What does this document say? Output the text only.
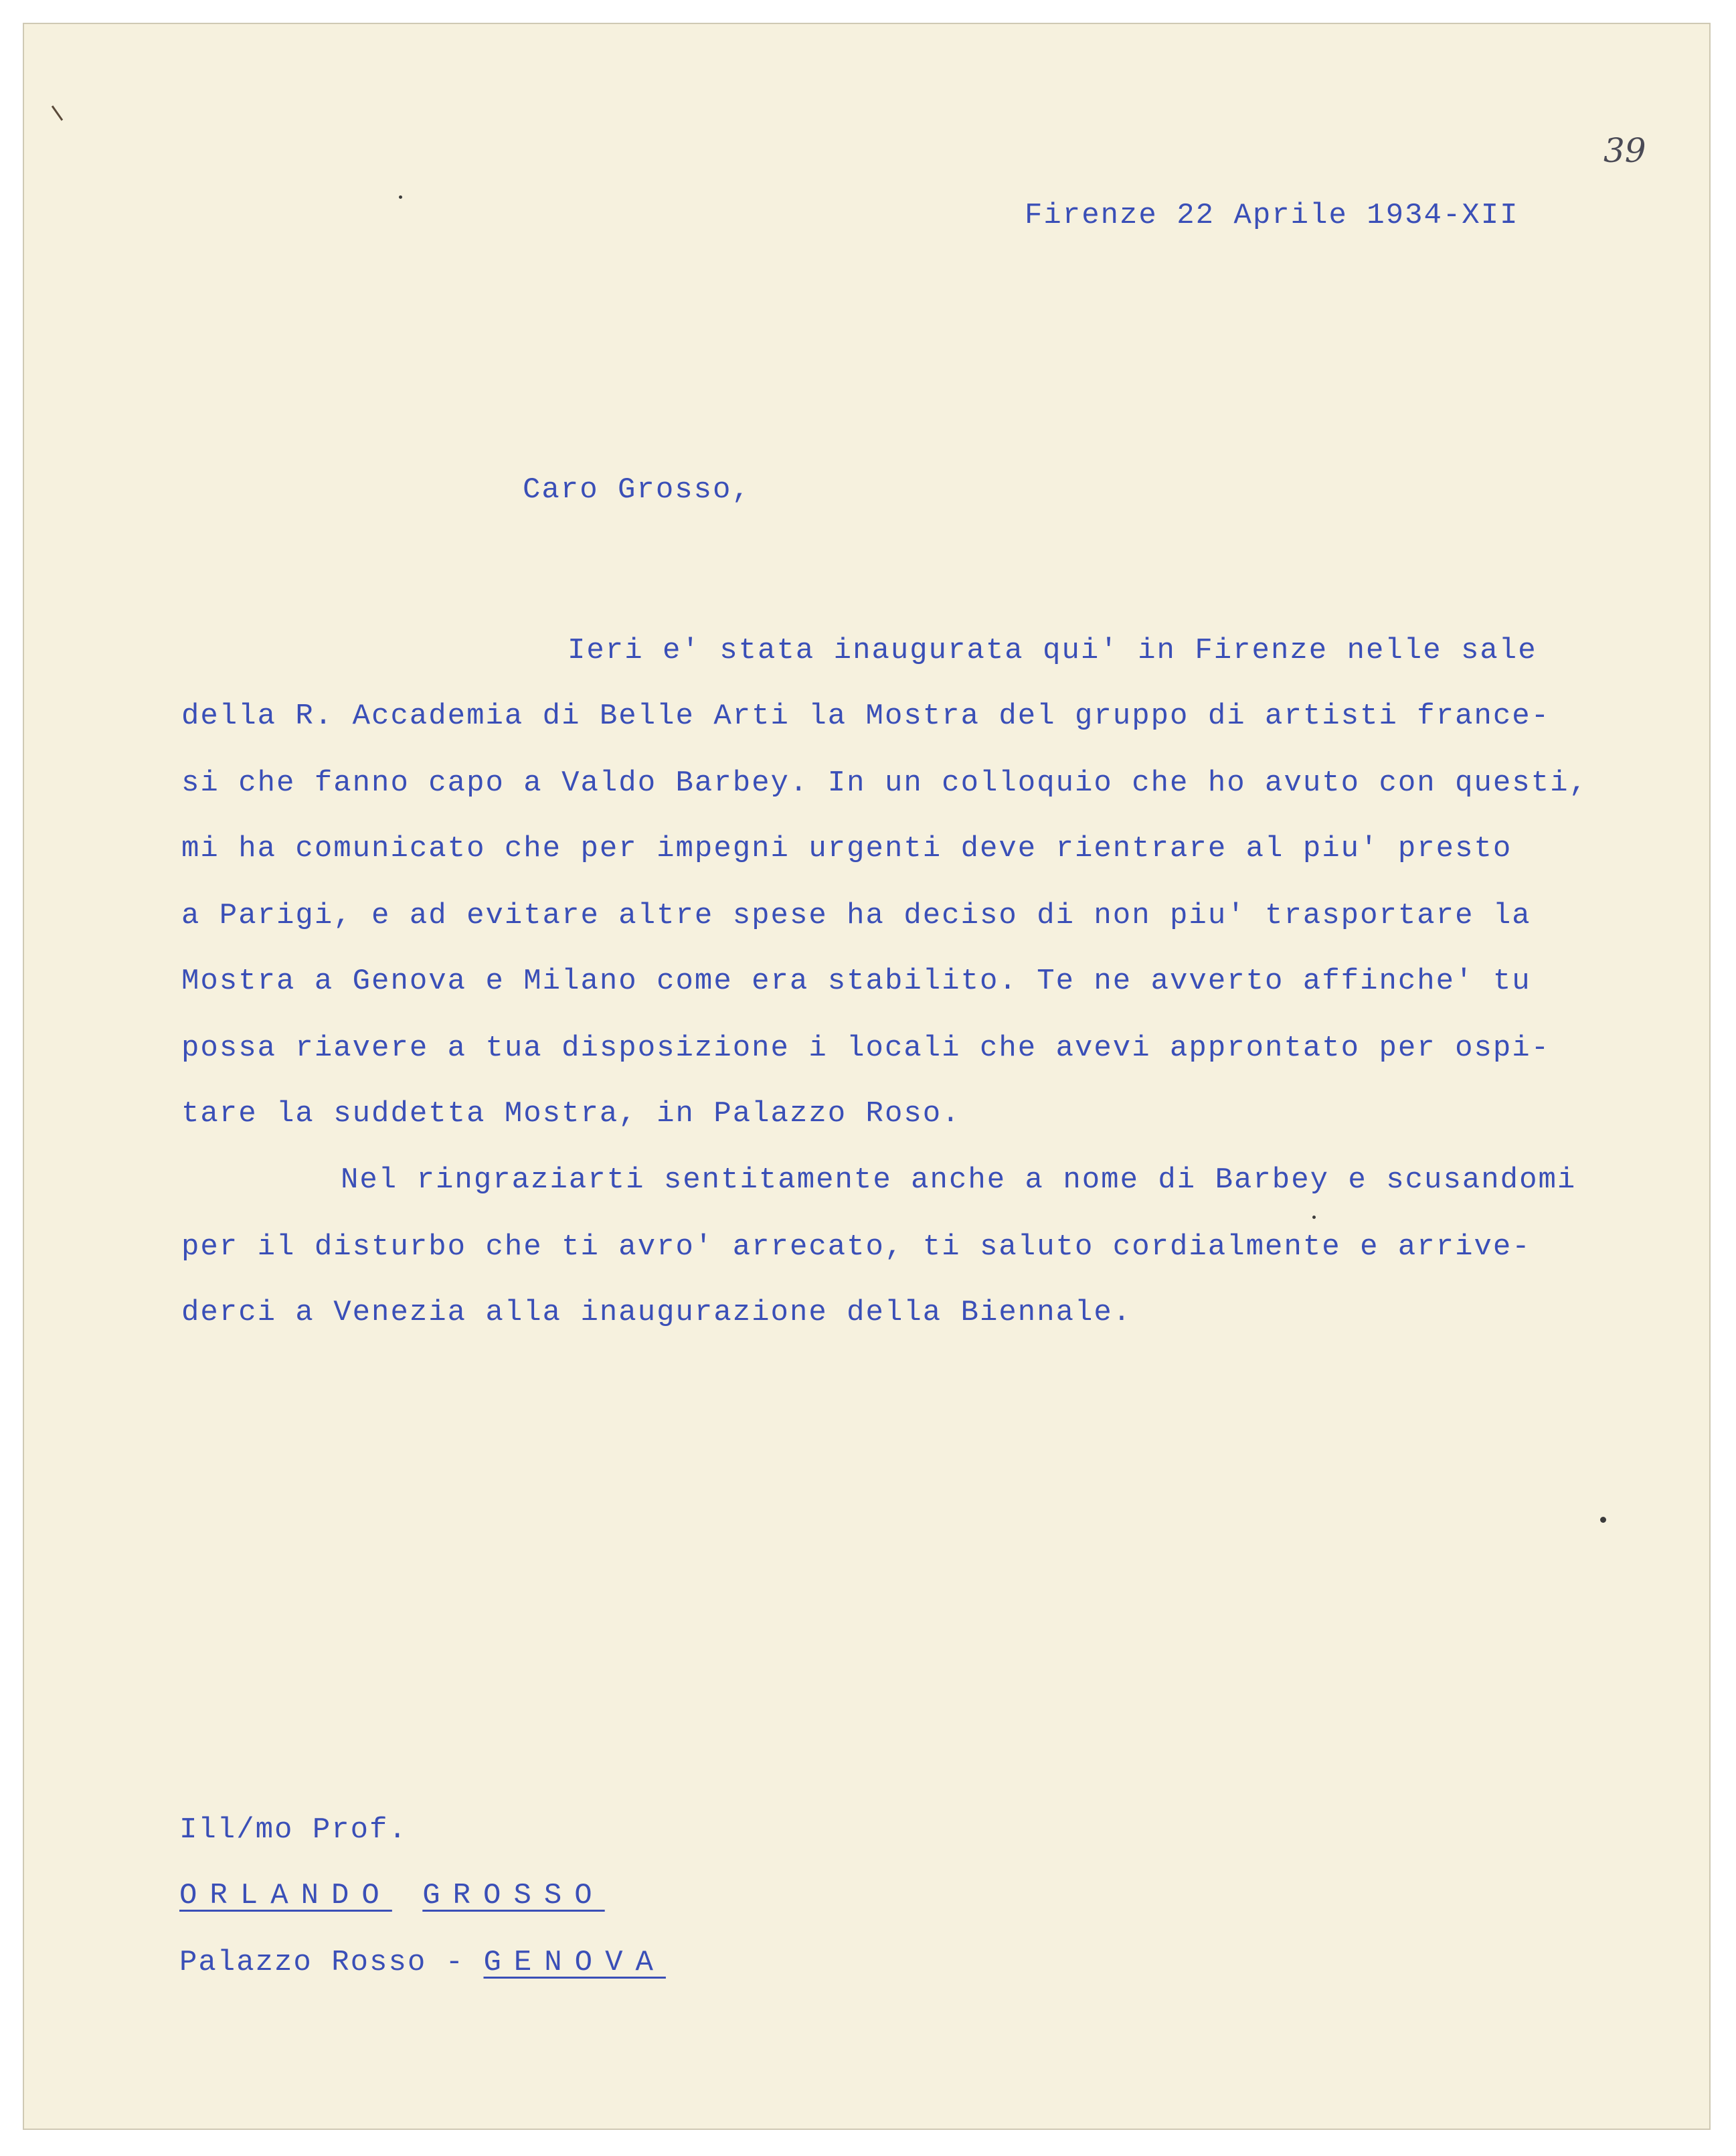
39
Firenze 22 Aprile 1934-XII
Caro Grosso,
Ieri e' stata inaugurata qui' in Firenze nelle sale
della R. Accademia di Belle Arti la Mostra del gruppo di artisti france-
si che fanno capo a Valdo Barbey. In un colloquio che ho avuto con questi,
mi ha comunicato che per impegni urgenti deve rientrare al piu' presto
a Parigi, e ad evitare altre spese ha deciso di non piu' trasportare la
Mostra a Genova e Milano come era stabilito. Te ne avverto affinche' tu
possa riavere a tua disposizione i locali che avevi approntato per ospi-
tare la suddetta Mostra, in Palazzo Roso.
Nel ringraziarti sentitamente anche a nome di Barbey e scusandomi
per il disturbo che ti avro' arrecato, ti saluto cordialmente e arrive-
derci a Venezia alla inaugurazione della Biennale.
Ill/mo Prof.
ORLANDO GROSSO
Palazzo Rosso - GENOVA
